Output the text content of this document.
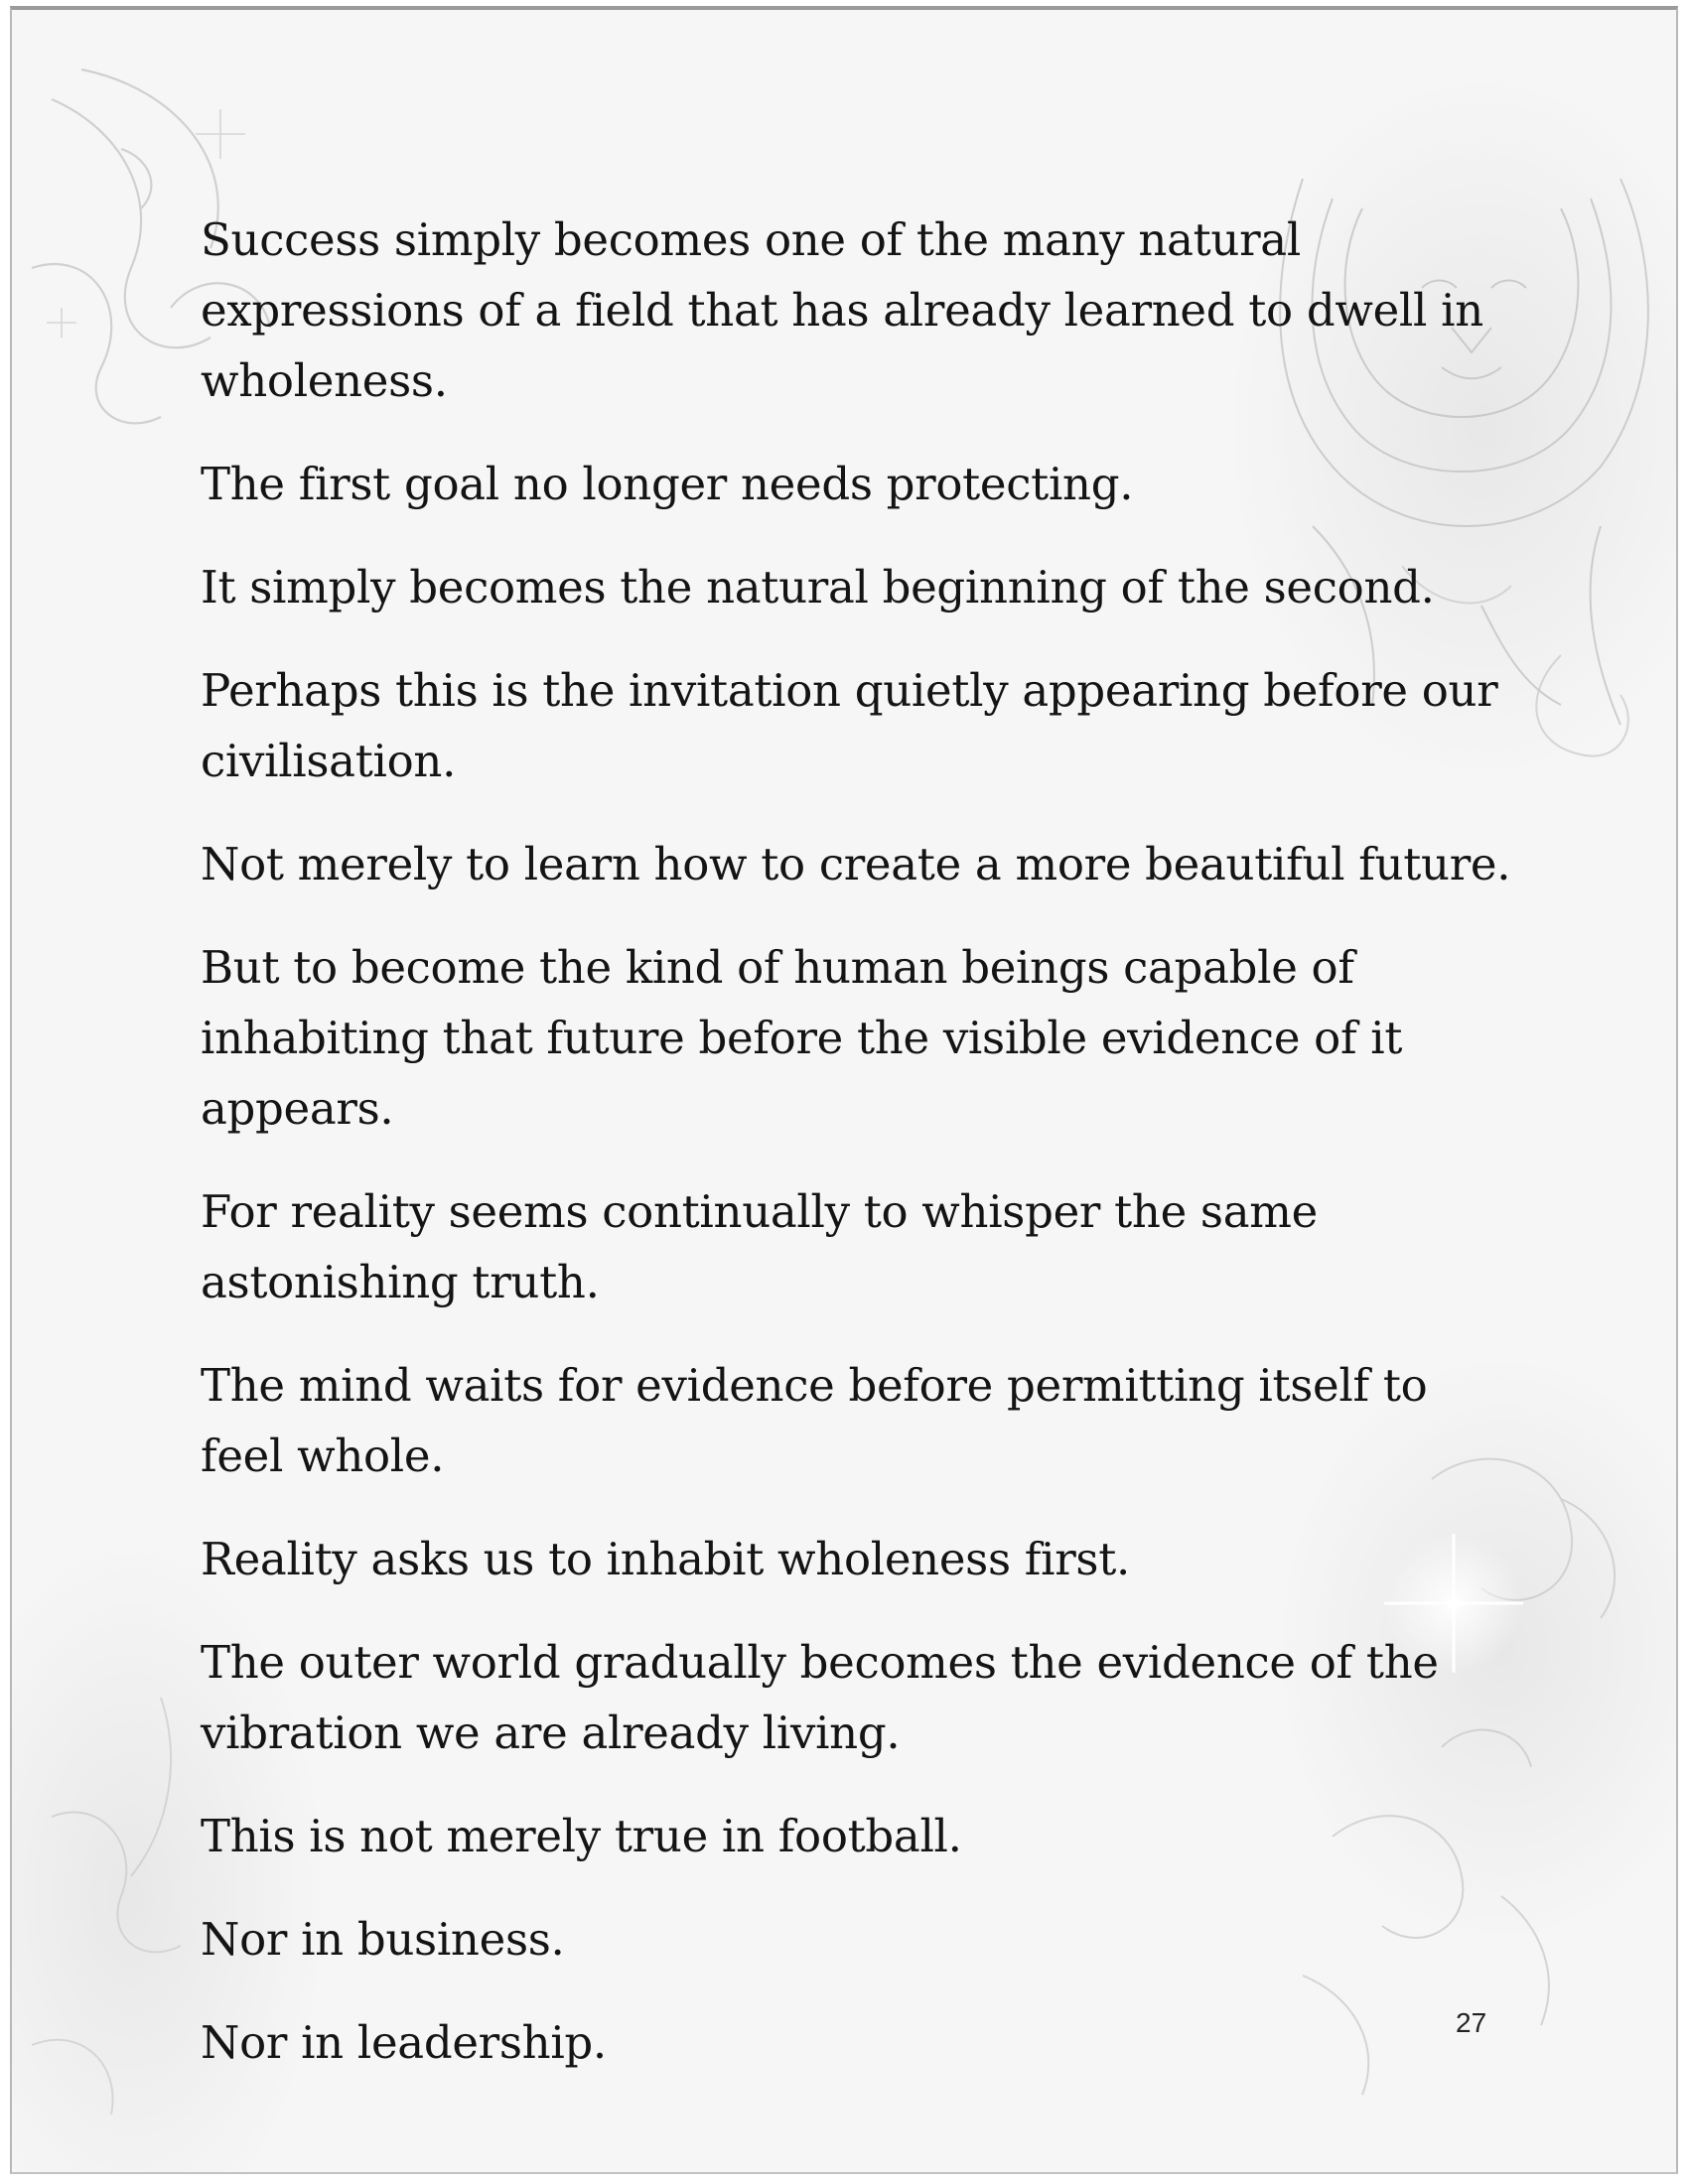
Success simply becomes one of the many natural expressions of a field that has already learned to dwell in wholeness.

The first goal no longer needs protecting.

It simply becomes the natural beginning of the second.

Perhaps this is the invitation quietly appearing before our civilisation.

Not merely to learn how to create a more beautiful future.

But to become the kind of human beings capable of inhabiting that future before the visible evidence of it appears.

For reality seems continually to whisper the same astonishing truth.

The mind waits for evidence before permitting itself to feel whole.

Reality asks us to inhabit wholeness first.

The outer world gradually becomes the evidence of the vibration we are already living.

This is not merely true in football.

Nor in business.

Nor in leadership.	27
